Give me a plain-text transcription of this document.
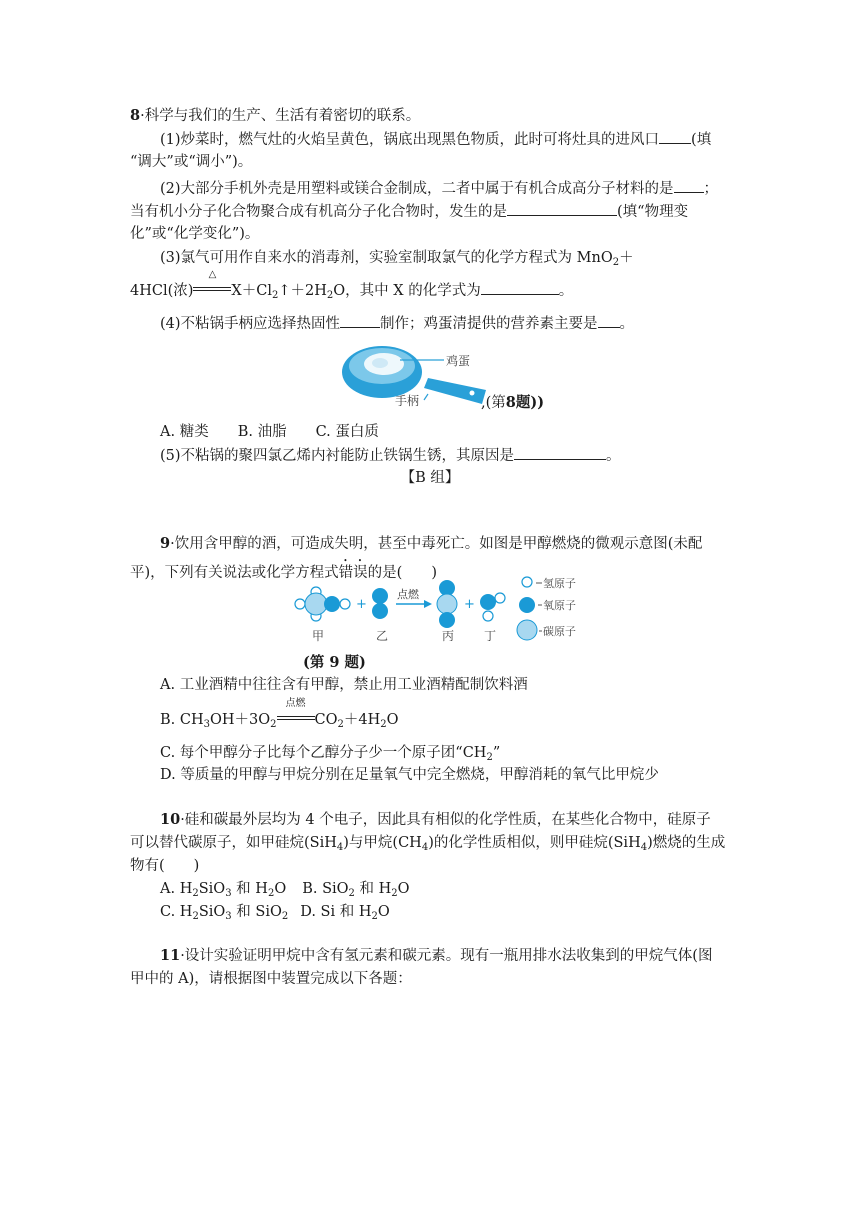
8·科学与我们的生产、生活有着密切的联系。
(1)炒菜时，燃气灶的火焰呈黄色，锅底出现黑色物质，此时可将灶具的进风口 (填
“调大”或“调小”)。
(2)大部分手机外壳是用塑料或镁合金制成，二者中属于有机合成高分子材料的是 ；
当有机小分子化合物聚合成有机高分子化合物时，发生的是	(填“物理变
化”或“化学变化”)。
(3)氯气可用作自来水的消毒剂，实验室制取氯气的化学方程式为 MnO$_2$＋
4HCl(浓)
△
$X+Cl_2↑+2H_2O$，其中 X 的化学式为	。
(4)不粘锅手柄应选择热固性	制作；鸡蛋清提供的营养素主要是 。
鸡蛋
手柄	,(第8题))
A. 糖类　　B. 油脂　　C. 蛋白质
(5)不粘锅的聚四氯乙烯内衬能防止铁锅生锈，其原因是	。
【B 组】
9·饮用含甲醇的酒，可造成失明，甚至中毒死亡。如图是甲醇燃烧的微观示意图(未配
平)，下列有关说法或化学方程式错误的是(　　)
+
点燃
+
氢原子
氧原子
碳原子
甲	乙	丙 丁
(第 9 题)
A. 工业酒精中往往含有甲醇，禁止用工业酒精配制饮料酒
B. $CH_3OH+3O_2$
点燃
$CO_2+4H_2O$
C. 每个甲醇分子比每个乙醇分子少一个原子团“$CH_2$”
D. 等质量的甲醇与甲烷分别在足量氧气中完全燃烧，甲醇消耗的氧气比甲烷少
10·硅和碳最外层均为 4 个电子，因此具有相似的化学性质，在某些化合物中，硅原子
可以替代碳原子，如甲硅烷(SiH$_4$)与甲烷$(CH_4)$的化学性质相似，则甲硅烷(SiH$_4$)燃烧的生成
物有(　　)
A. $H_2SiO_3$ 和 $H_2O$ B. SiO$_2$ 和 $H_2O$
C. $H_2SiO_3$ 和 SiO$_2$ D. Si 和 $H_2O$
11·设计实验证明甲烷中含有氢元素和碳元素。现有一瓶用排水法收集到的甲烷气体(图
甲中的 A)，请根据图中装置完成以下各题：
